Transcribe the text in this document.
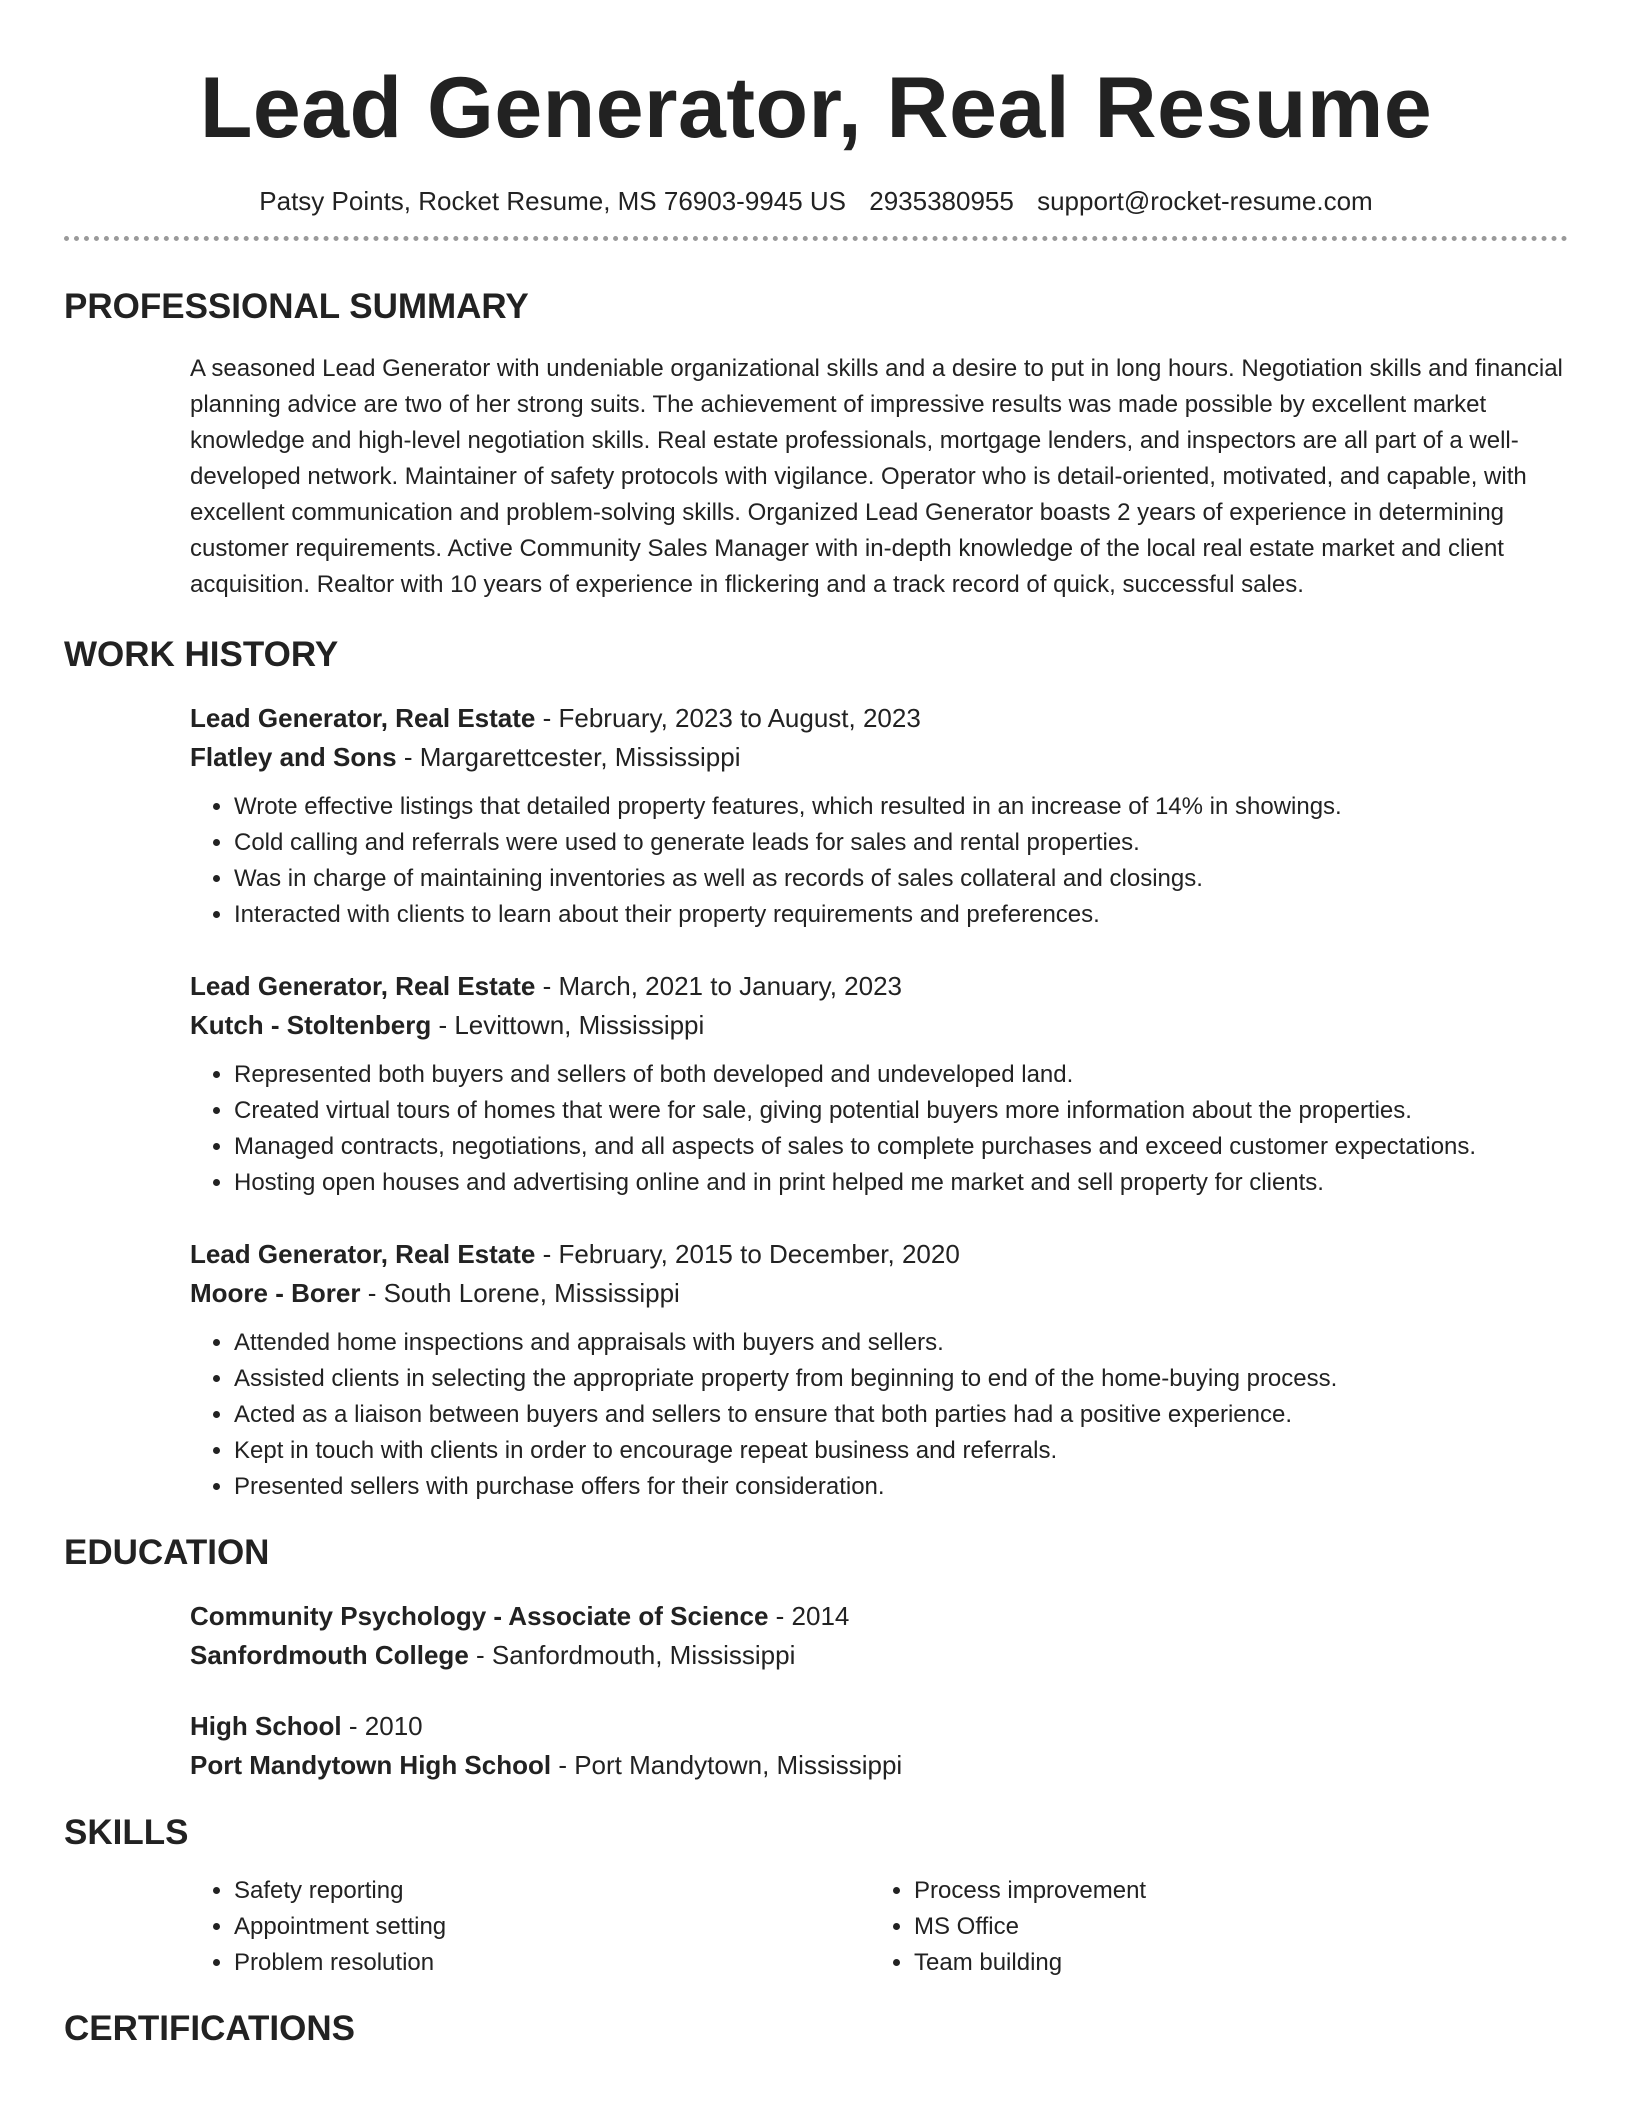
Lead Generator, Real Resume
Patsy Points, Rocket Resume, MS 76903-9945 US 2935380955 support@rocket-resume.com
PROFESSIONAL SUMMARY

A seasoned Lead Generator with undeniable organizational skills and a desire to put in long hours. Negotiation skills and financial planning advice are two of her strong suits. The achievement of impressive results was made possible by excellent market knowledge and high-level negotiation skills. Real estate professionals, mortgage lenders, and inspectors are all part of a well-developed network. Maintainer of safety protocols with vigilance. Operator who is detail-oriented, motivated, and capable, with excellent communication and problem-solving skills. Organized Lead Generator boasts 2 years of experience in determining customer requirements. Active Community Sales Manager with in-depth knowledge of the local real estate market and client acquisition. Realtor with 10 years of experience in flickering and a track record of quick, successful sales.

WORK HISTORY
Lead Generator, Real Estate - February, 2023 to August, 2023
Flatley and Sons - Margarettcester, Mississippi
• Wrote effective listings that detailed property features, which resulted in an increase of 14% in showings.
• Cold calling and referrals were used to generate leads for sales and rental properties.
• Was in charge of maintaining inventories as well as records of sales collateral and closings.
• Interacted with clients to learn about their property requirements and preferences.
Lead Generator, Real Estate - March, 2021 to January, 2023
Kutch - Stoltenberg - Levittown, Mississippi
• Represented both buyers and sellers of both developed and undeveloped land.
• Created virtual tours of homes that were for sale, giving potential buyers more information about the properties.
• Managed contracts, negotiations, and all aspects of sales to complete purchases and exceed customer expectations.
• Hosting open houses and advertising online and in print helped me market and sell property for clients.
Lead Generator, Real Estate - February, 2015 to December, 2020
Moore - Borer - South Lorene, Mississippi
• Attended home inspections and appraisals with buyers and sellers.
• Assisted clients in selecting the appropriate property from beginning to end of the home-buying process.
• Acted as a liaison between buyers and sellers to ensure that both parties had a positive experience.
• Kept in touch with clients in order to encourage repeat business and referrals.
• Presented sellers with purchase offers for their consideration.
EDUCATION
Community Psychology - Associate of Science - 2014
Sanfordmouth College - Sanfordmouth, Mississippi
High School - 2010
Port Mandytown High School - Port Mandytown, Mississippi
SKILLS
• Safety reporting
• Appointment setting
• Problem resolution
• Process improvement
• MS Office
• Team building
CERTIFICATIONS
